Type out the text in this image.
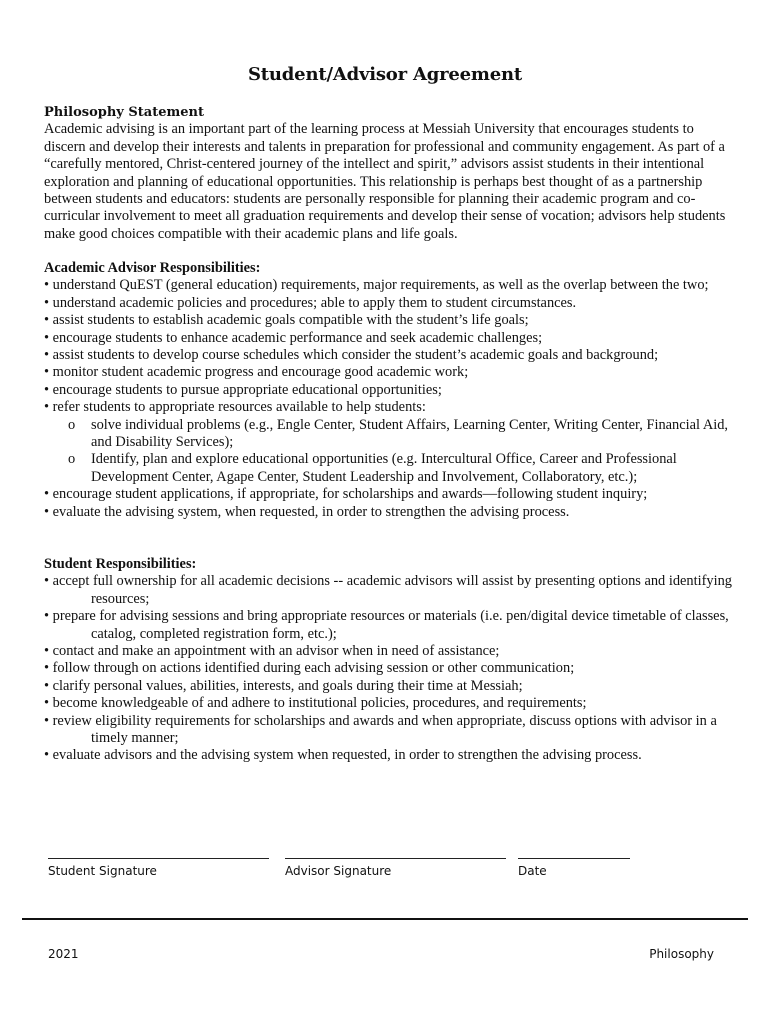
Student/Advisor Agreement
Philosophy Statement
Academic advising is an important part of the learning process at Messiah University that encourages students to discern and develop their interests and talents in preparation for professional and community engagement. As part of a “carefully mentored, Christ-centered journey of the intellect and spirit,” advisors assist students in their intentional exploration and planning of educational opportunities. This relationship is perhaps best thought of as a partnership between students and educators: students are personally responsible for planning their academic program and co-curricular involvement to meet all graduation requirements and develop their sense of vocation; advisors help students make good choices compatible with their academic plans and life goals.
Academic Advisor Responsibilities:
• understand QuEST (general education) requirements, major requirements, as well as the overlap between the two;
• understand academic policies and procedures; able to apply them to student circumstances.
• assist students to establish academic goals compatible with the student’s life goals;
• encourage students to enhance academic performance and seek academic challenges;
• assist students to develop course schedules which consider the student’s academic goals and background;
• monitor student academic progress and encourage good academic work;
• encourage students to pursue appropriate educational opportunities;
• refer students to appropriate resources available to help students:
o solve individual problems (e.g., Engle Center, Student Affairs, Learning Center, Writing Center, Financial Aid, and Disability Services);
o Identify, plan and explore educational opportunities (e.g. Intercultural Office, Career and Professional Development Center, Agape Center, Student Leadership and Involvement, Collaboratory, etc.);
• encourage student applications, if appropriate, for scholarships and awards—following student inquiry;
• evaluate the advising system, when requested, in order to strengthen the advising process.
Student Responsibilities:
• accept full ownership for all academic decisions -- academic advisors will assist by presenting options and identifying resources;
• prepare for advising sessions and bring appropriate resources or materials (i.e. pen/digital device timetable of classes, catalog, completed registration form, etc.);
• contact and make an appointment with an advisor when in need of assistance;
• follow through on actions identified during each advising session or other communication;
• clarify personal values, abilities, interests, and goals during their time at Messiah;
• become knowledgeable of and adhere to institutional policies, procedures, and requirements;
• review eligibility requirements for scholarships and awards and when appropriate, discuss options with advisor in a timely manner;
• evaluate advisors and the advising system when requested, in order to strengthen the advising process.
Student Signature	Advisor Signature	Date
2021	Philosophy
